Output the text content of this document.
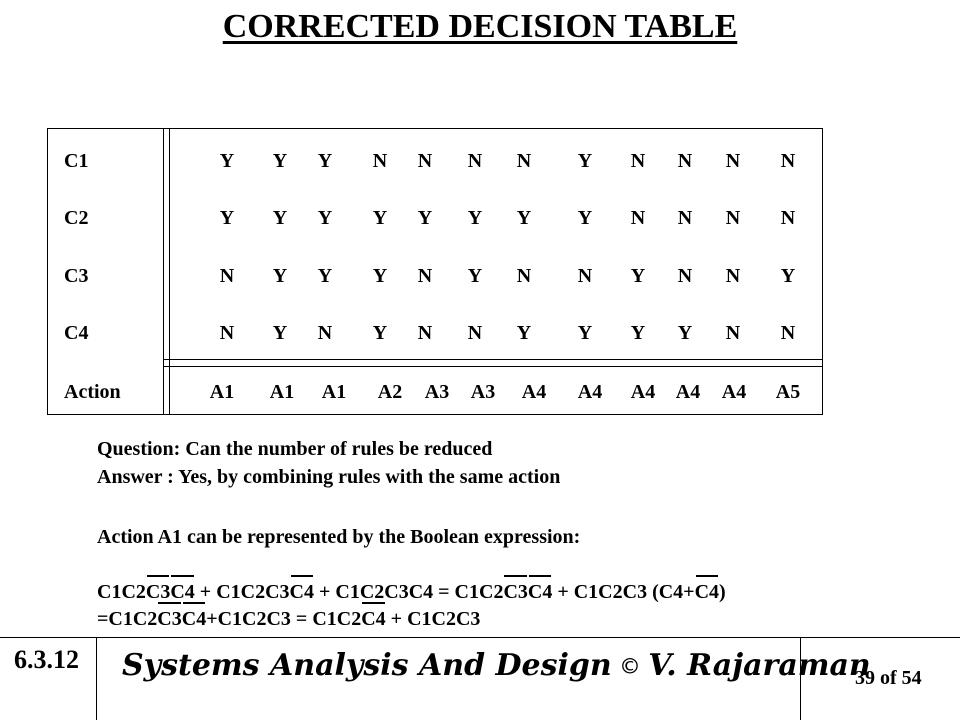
CORRECTED DECISION TABLE
C1	Y	Y	Y	N	N	N	N	Y	N	N	N	N
C2	Y	Y	Y	Y	Y	Y	Y	Y	N	N	N	N
C3	N	Y	Y	Y	N	Y	N	N	Y	N	N	Y
C4	N	Y	N	Y	N	N	Y	Y	Y	Y	N	N
Action	A1	A1	A1	A2	A3	A3	A4	A4	A4	A4	A4	A5
Question: Can the number of rules be reduced
Answer : Yes, by combining rules with the same action
Action A1 can be represented by the Boolean expression:
C1C2C3C4 + C1C2C3C4 + C1C2C3C4 = C1C2C3C4 + C1C2C3 (C4+C4)
=C1C2C3C4+C1C2C3 = C1C2C4 + C1C2C3
6.3.12 Systems Analysis And Design © V. Rajaraman
39 of 54
